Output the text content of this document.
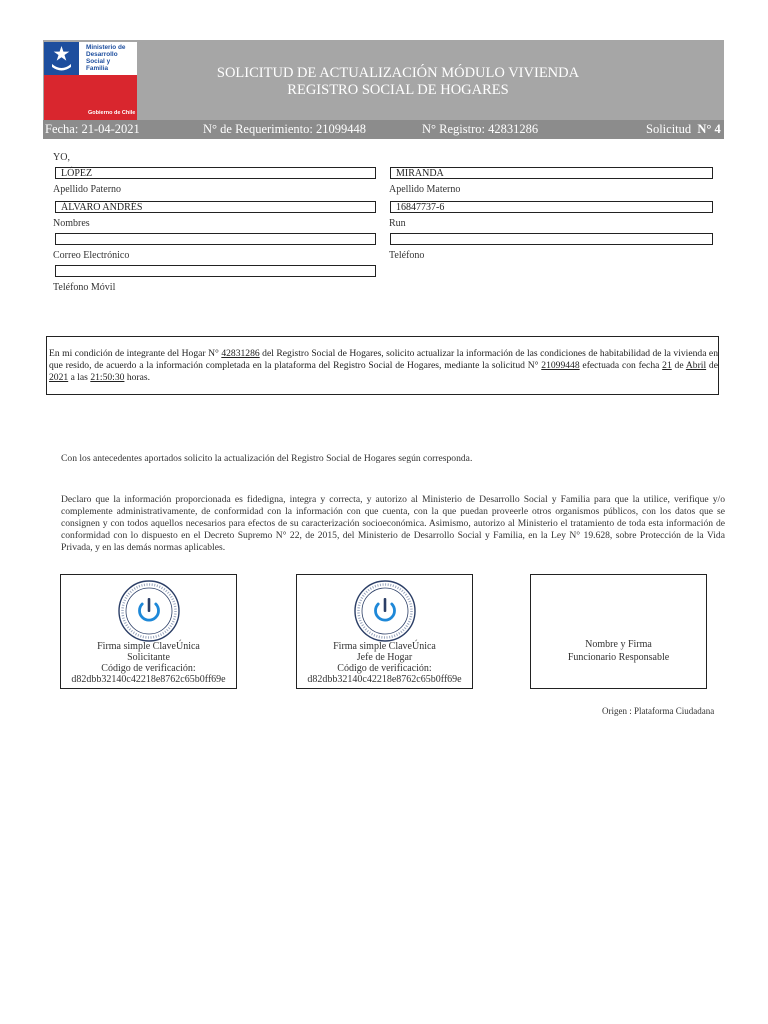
Ministerio de
Desarrollo
Social y
Familia
Gobierno de Chile
SOLICITUD DE ACTUALIZACIÓN MÓDULO VIVIENDA
REGISTRO SOCIAL DE HOGARES
Fecha: 21-04-2021	N° de Requerimiento: 21099448	N° Registro: 42831286	Solicitud N° 4
YO,
LÓPEZ	MIRANDA
Apellido Paterno	Apellido Materno
ÁLVARO ANDRÉS	16847737-6
Nombres	Run
Correo Electrónico	Teléfono
Teléfono Móvil
En mi condición de integrante del Hogar N° 42831286 del Registro Social de Hogares, solicito actualizar la información de las condiciones de habitabilidad de la vivienda en que resido, de acuerdo a la información completada en la plataforma del Registro Social de Hogares, mediante la solicitud N° 21099448 efectuada con fecha 21 de Abril de 2021 a las 21:50:30 horas.
Con los antecedentes aportados solicito la actualización del Registro Social de Hogares según corresponda.
Declaro que la información proporcionada es fidedigna, integra y correcta, y autorizo al Ministerio de Desarrollo Social y Familia para que la utilice, verifique y/o complemente administrativamente, de conformidad con la información con que cuenta, con la que puedan proveerle otros organismos públicos, con los datos que se consignen y con todos aquellos necesarios para efectos de su caracterización socioeconómica. Asimismo, autorizo al Ministerio el tratamiento de toda esta información de conformidad con lo dispuesto en el Decreto Supremo N° 22, de 2015, del Ministerio de Desarrollo Social y Familia, en la Ley N° 19.628, sobre Protección de la Vida Privada, y en las demás normas aplicables.
Firma simple ClaveÚnica
Solicitante
Código de verificación:
d82dbb32140c42218e8762c65b0ff69e
Firma simple ClaveÚnica
Jefe de Hogar
Código de verificación:
d82dbb32140c42218e8762c65b0ff69e
Nombre y Firma
Funcionario Responsable
Origen : Plataforma Ciudadana
